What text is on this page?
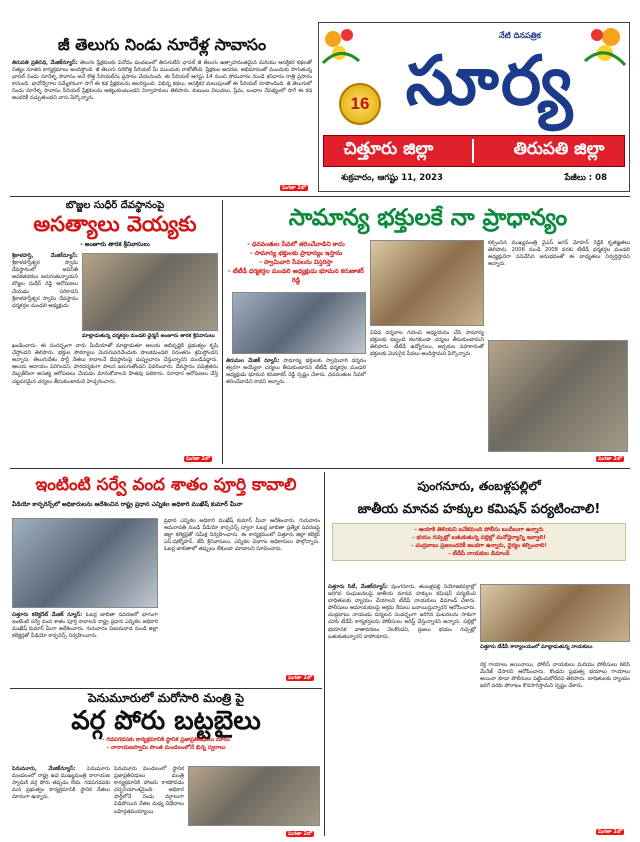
జీ తెలుగు నిండు నూరేళ్ల సావాసం
తిరుపతి ప్రతినిధి, మేజిక్‌న్యూస్‌: తెలుగు ప్రేక్షకులకు వినోదం పంచటంలో తిరుగులేని ఛానల్‌ జీ తెలుగు ఉత్సాహవంతమైన మరియు ఆసక్తికర కథలతో నిత్యం నూతన కార్యక్రమాలు అందిస్తోంది. జీ తెలుగు సరికొత్త సీరియల్‌ మీ ముందుకు రాబోతోంది. ప్రేక్షకుల ఆదరణ, అభిమానంతో ముందుకు సాగుతున్న ఛానల్‌ నిండు నూరేళ్ళ సావాసం అనే కొత్త సీరియల్‌ను ప్రసారం చేయనుంది. ఈ సీరియల్‌ ఆగస్టు 14 నుంచి సోమవారం నుండి శనివారం రాత్రి ప్రసారం కానుంది. భావోద్వేగాల సమ్మేళనంగా సాగే ఈ కథ ప్రేక్షకులను అలరిస్తుంది. విభిన్న కథలు, ఆసక్తికర మలుపులతో ఈ సీరియల్‌ రూపొందింది. జీ తెలుగులో నిండు నూరేళ్ళ సావాసం సీరియల్‌ ప్రేక్షకులను ఆకట్టుకుంటుందని నిర్వాహకులు తెలిపారు. కుటుంబ విలువలు, ప్రేమ, బంధాల నేపథ్యంలో సాగే ఈ కథ అందరికీ నచ్చుతుందని వారు పేర్కొన్నారు.
మిగతా 2లో
నేటి దినపత్రిక
16 సూర్య
చిత్తూరు జిల్లా	తిరుపతి జిల్లా
శుక్రవారం, ఆగష్టు 11, 2023	పేజీలు : 08
బొజ్జల సుధీర్ దేవస్థానంపై
అసత్యాలు వెయ్యకు
- అంజూరు తారక శ్రీనివాసులు
శ్రీకాళహస్తి, మేజిక్‌న్యూస్‌: శ్రీకాళహస్తీశ్వర స్వామి దేవస్థానంలో అవినీతి అవకతవకలు జరుగుతున్నాయని బొజ్జల సుధీర్ రెడ్డి ఆరోపణలు చేయడం సరికాదని శ్రీకాళహస్తీశ్వర స్వామి దేవస్థానం ధర్మకర్తల మండలి అధ్యక్షుడు
మాట్లాడుతున్న ధర్మకర్తల మండలి ఛైర్మన్ అంజూరు తారక శ్రీనివాసులు
ఖండించారు. ఈ సందర్భంగా వారు మీడియాతో మాట్లాడుతూ ఆలయ అభివృద్ధికి ప్రభుత్వం కృషి చేస్తోందని తెలిపారు. భక్తుల సౌకర్యాలు మెరుగుపరిచేందుకు పాలకమండలి నిరంతరం శ్రమిస్తోందని అన్నారు. తెలుగుదేశం పార్టీ నేతలు కావాలనే దేవస్థానంపై దుష్ప్రచారం చేస్తున్నారని మండిపడ్డారు. ఆలయ ఆదాయం పెరిగిందని, పారదర్శకంగా పాలన జరుగుతోందని వివరించారు. దేవస్థానం పవిత్రతను దెబ్బతీసేలా అసత్య ఆరోపణలు చేయడం మానుకోవాలని హితవు పలికారు. నిరాధార ఆరోపణలు చేస్తే చట్టపరమైన చర్యలు తీసుకుంటామని హెచ్చరించారు.
మిగతా 2లో
సామాన్య భక్తులకే నా ప్రాధాన్యం
- ధనవంతుల సేవలో తరించేవాడిని కాదు
- సామాన్య భక్తులకు ప్రాధాన్యం ఇస్తాను
- స్వామివారి సేవలను విస్తరిస్తా
- టీటీడీ ధర్మకర్తల మండలి అధ్యక్షుడు భూమన కరుణాకర్ రెడ్డి
తిరుమల మేజిక్ న్యూస్‌: సామాన్య భక్తులకు స్వామివారి దర్శనం త్వరగా అయ్యేలా చర్యలు తీసుకుంటానని టీటీడీ ధర్మకర్తల మండలి అధ్యక్షుడు భూమన కరుణాకర్ రెడ్డి స్పష్టం చేశారు. ధనవంతుల సేవలో తరించేవాడిని కాదని అన్నారు.
వివిధ దర్శనాల గురించి అధ్యయనం చేసి సామాన్య భక్తులకు ఇబ్బంది కలగకుండా చర్యలు తీసుకుంటామని తెలిపారు. టీటీడీ ఉద్యోగులు, అర్చకుల సహకారంతో భక్తులకు మెరుగైన సేవలు అందిస్తామని పేర్కొన్నారు.
కల్పించిన ముఖ్యమంత్రి వైఎస్ జగన్ మోహన్ రెడ్డికి కృతజ్ఞతలు తెలిపారు. 2006 నుండి 2008 వరకు టీటీడీ ధర్మకర్తల మండలి అధ్యక్షునిగా పనిచేసిన అనుభవంతో ఈ బాధ్యతలు నిర్వర్తిస్తానని అన్నారు.
మిగతా 2లో
ఇంటింటి సర్వే వంద శాతం పూర్తి కావాలి
వీడియో కాన్ఫరెన్స్‌లో అధికారులను ఆదేశించిన రాష్ట్ర ప్రధాన ఎన్నికల అధికారి ముఖేష్ కుమార్ మీనా
చిత్తూరు కలెక్టరేట్ మేజిక్ న్యూస్‌: ఓటర్ల జాబితా సవరణలో భాగంగా ఇంటింటి సర్వే వంద శాతం పూర్తి కావాలని రాష్ట్ర ప్రధాన ఎన్నికల అధికారి ముఖేష్ కుమార్ మీనా ఆదేశించారు. గురువారం విజయవాడ నుండి జిల్లా కలెక్టర్లతో వీడియో కాన్ఫరెన్స్ నిర్వహించారు.
ప్రధాన ఎన్నికల అధికారి ముఖేష్ కుమార్ మీనా ఆదేశించారు. గురువారం అమరావతి నుండి వీడియో కాన్ఫరెన్స్ ద్వారా ఓటర్ల జాబితా ప్రత్యేక సవరణపై జిల్లా కలెక్టర్లతో సమీక్ష నిర్వహించారు. ఈ కార్యక్రమంలో చిత్తూరు జిల్లా కలెక్టర్ ఎస్.షణ్మోహన్, జేసీ శ్రీనివాసులు, ఎన్నికల విభాగం అధికారులు పాల్గొన్నారు. ఓటర్ల జాబితాలో తప్పులు లేకుండా చూడాలని సూచించారు.
మిగతా 2లో
పుంగనూరు, తంబళ్లపల్లిలో
జాతీయ మానవ హక్కుల కమిషన్ పర్యటించాలి!
- ఆయాకి తెలియని బనేకమంది పోలీసు బందీలుగా ఉన్నారు
- భయం గుప్పెట్లో బతుకుతున్న పల్లెల్లో మనోధైర్యాన్ని ఇవ్వాలి!
- చంద్రబాబు ప్రజలందరికీ అండగా ఉన్నారు, ధైర్యం కల్పించాలి!
- టీడీపీ నాయకుల డిమాండ్
చిత్తూరు సిటీ, మేజిక్‌న్యూస్‌: పుంగనూరు, తంబళ్లపల్లి నియోజకవర్గాల్లో జరిగిన సంఘటనలపై జాతీయ మానవ హక్కుల కమిషన్ పర్యటించి బాధితులకు న్యాయం చేయాలని టీడీపీ నాయకులు డిమాండ్ చేశారు. పోలీసులు అమాయకులపై అక్రమ కేసులు బనాయిస్తున్నారని ఆరోపించారు. చంద్రబాబు నాయుడు పర్యటన సందర్భంగా జరిగిన ఘటనలను సాకుగా చూపి టీడీపీ కార్యకర్తలను పోలీసులు అరెస్ట్ చేస్తున్నారని అన్నారు. పల్లెల్లో భయానక వాతావరణం నెలకొందని, ప్రజలు భయం గుప్పెట్లో బతుకుతున్నారని వాపోయారు.
చిత్తూరు టీడీపీ కార్యాలయంలో మాట్లాడుతున్న నాయకులు
రక్త గాయాలు అయినాయి. పోలీస్ నాయకులు మరియు పోలీసులు కలిసి మేనేజ్ చేసారని ఆరోపించారు. కొండరు ప్రభుత్వ భయాలు గాయాలు అయినా కూడా పోలీసులు పట్టించుకోలేదని తెలిపారు. బాధితులకు న్యాయం జరిగే వరకు పోరాటం కొనసాగిస్తామని స్పష్టం చేశారు.
మిగతా 2లో
పెనుమూరులో మరోసారి మంత్రి పై
వర్గ పోరు బట్టబైలు
- గడపగడపకు కార్యక్రమానికి స్థానిక ప్రజాప్రతినిధులు దూరం
- నారాయణస్వామి సొంత మండలంలోనే భిన్న స్వరాలు
పెనుమూరు, మేజిక్‌న్యూస్‌: పెనుమూరు మండలంలో రాష్ట్ర ఉప ముఖ్యమంత్రి నారాయణ స్వామికి వర్గ పోరు తప్పడం లేదు. గడపగడపకు మన ప్రభుత్వం కార్యక్రమానికి స్థానిక నేతలు దూరంగా ఉన్నారు.
పెనుమూరు మండలంలో స్థానిక ప్రజాప్రతినిధులు మంత్రి కార్యక్రమానికి హాజరు కాకపోవడం చర్చనీయాంశమైంది. అధికార పార్టీలోనే రెండు వర్గాలుగా విడిపోయిన నేతల మధ్య విభేదాలు బహిర్గతమయ్యాయి.
మిగతా 2లో
